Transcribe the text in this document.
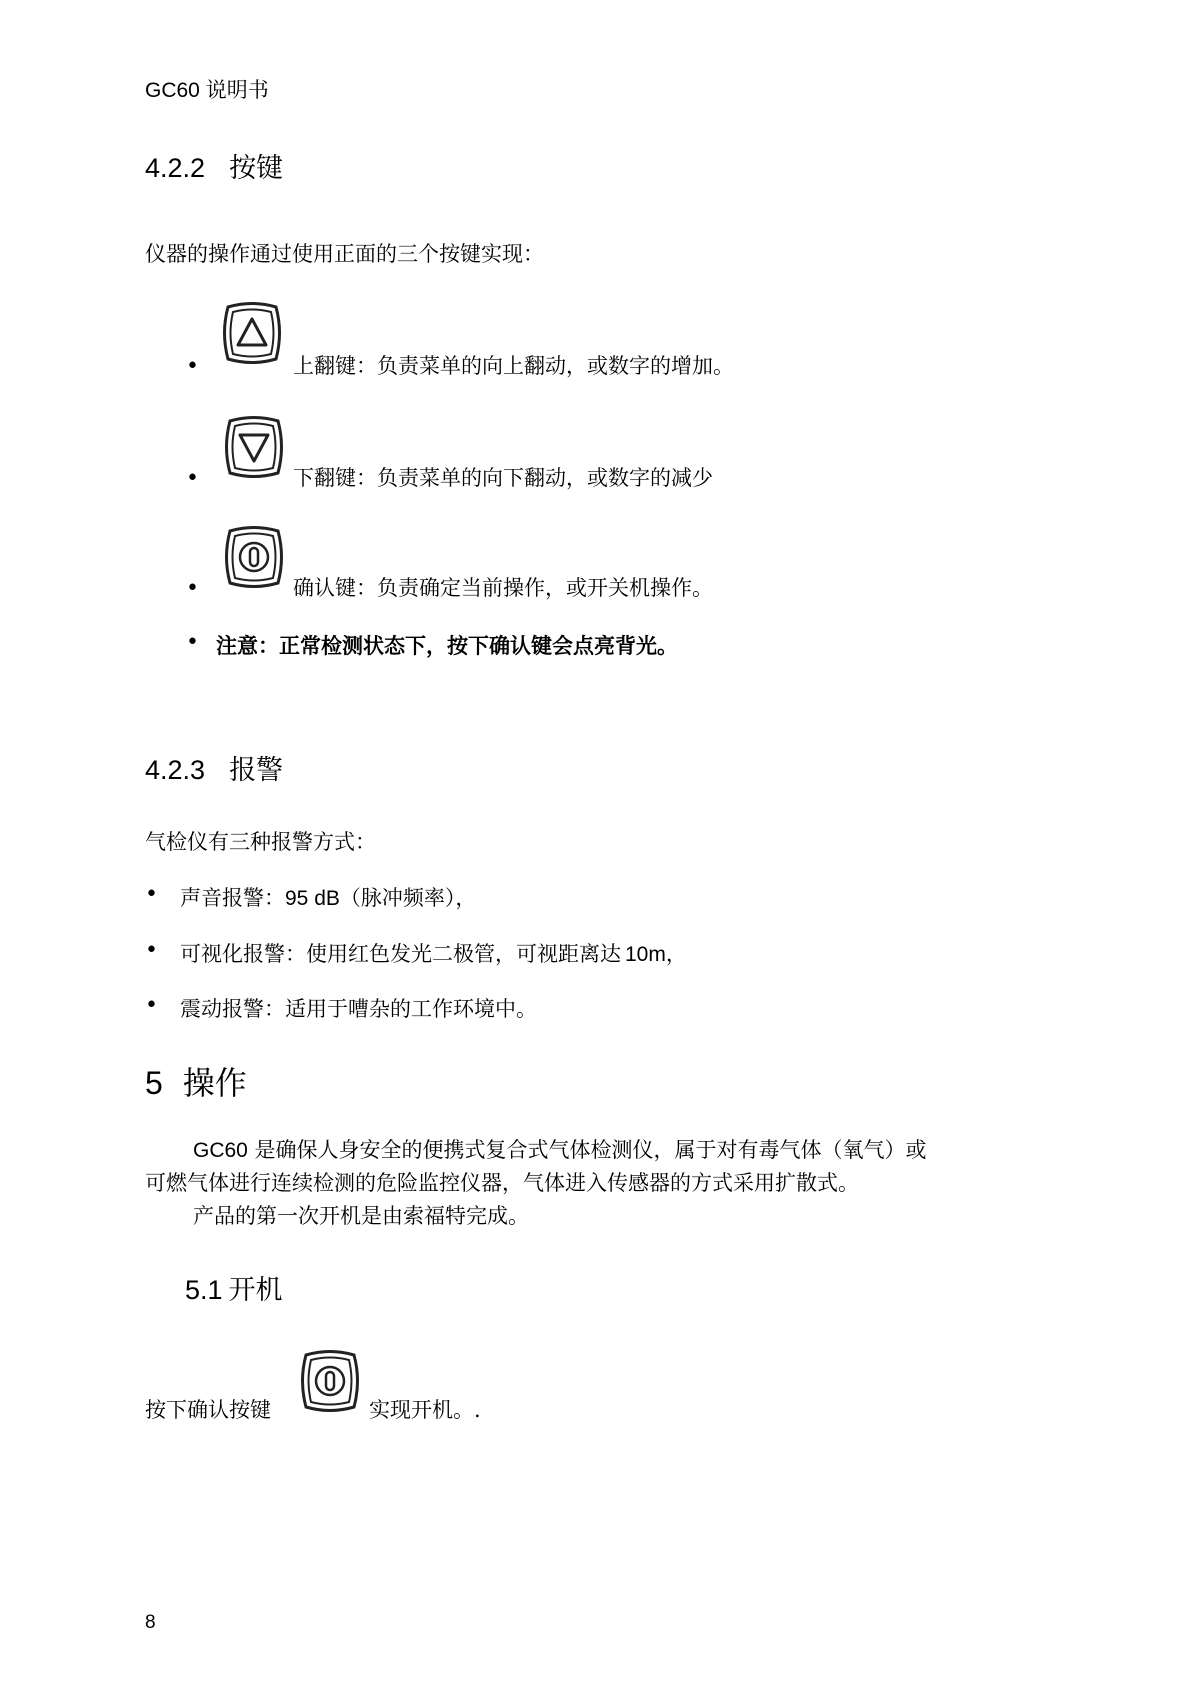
GC60 说明书
4.2.2 按键
仪器的操作通过使用正面的三个按键实现：
•	上翻键：负责菜单的向上翻动，或数字的增加。
•	下翻键：负责菜单的向下翻动，或数字的减少
•	确认键：负责确定当前操作，或开关机操作。
• 注意：正常检测状态下，按下确认键会点亮背光。
4.2.3 报警
气检仪有三种报警方式：
• 声音报警：95 dB（脉冲频率），
• 可视化报警：使用红色发光二极管，可视距离达 10m，
• 震动报警：适用于嘈杂的工作环境中。
5 操作
GC60 是确保人身安全的便携式复合式气体检测仪，属于对有毒气体（氧气）或
可燃气体进行连续检测的危险监控仪器，气体进入传感器的方式采用扩散式。
产品的第一次开机是由索福特完成。
5.1 开机
按下确认按键	实现开机。.
8
